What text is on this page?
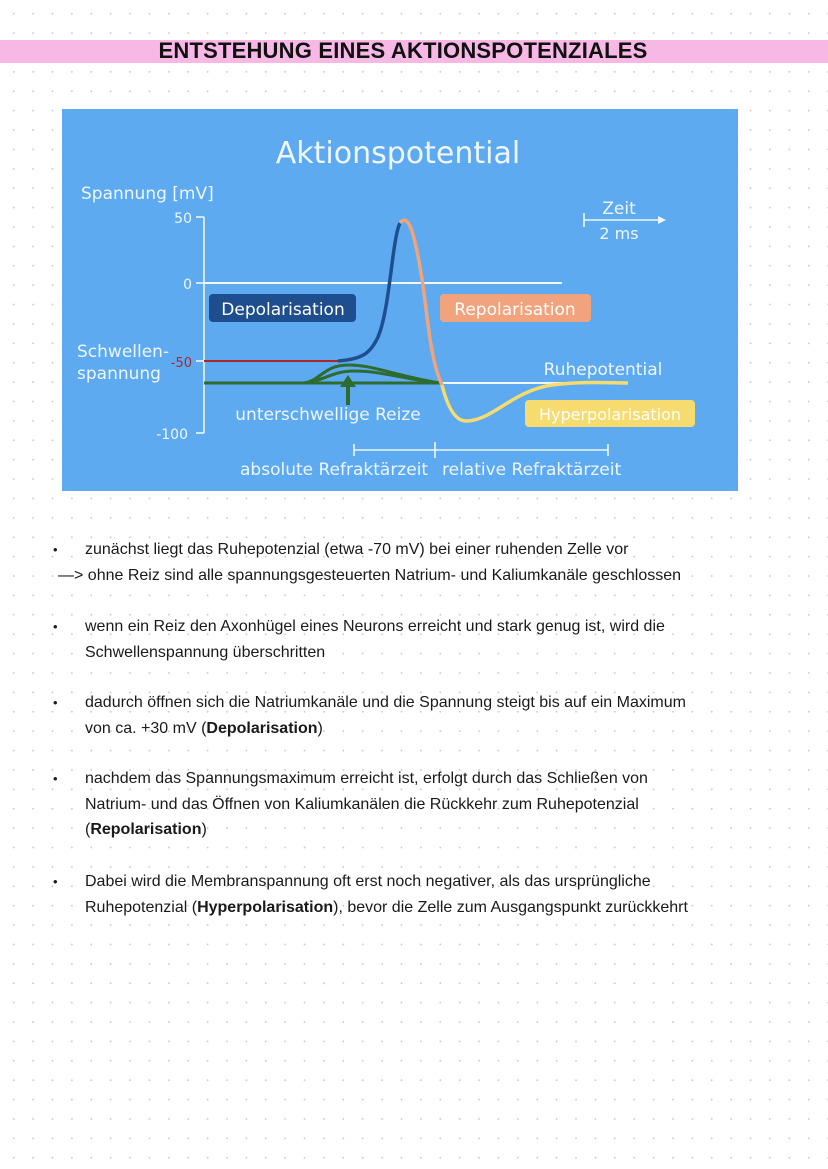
ENTSTEHUNG EINES AKTIONSPOTENZIALES
Aktionspotential
Spannung [mV]
50
0
-50
-100
Schwellen-
spannung
Depolarisation	Repolarisation
Hyperpolarisation
Ruhepotential
unterschwellige Reize
Zeit
2 ms
absolute Refraktärzeit relative Refraktärzeit
• zunächst liegt das Ruhepotenzial (etwa -70 mV) bei einer ruhenden Zelle vor
—> ohne Reiz sind alle spannungsgesteuerten Natrium- und Kaliumkanäle geschlossen
• wenn ein Reiz den Axonhügel eines Neurons erreicht und stark genug ist, wird die
Schwellenspannung überschritten
• dadurch öffnen sich die Natriumkanäle und die Spannung steigt bis auf ein Maximum
von ca. +30 mV (Depolarisation)
• nachdem das Spannungsmaximum erreicht ist, erfolgt durch das Schließen von
Natrium- und das Öffnen von Kaliumkanälen die Rückkehr zum Ruhepotenzial
(Repolarisation)
• Dabei wird die Membranspannung oft erst noch negativer, als das ursprüngliche
Ruhepotenzial (Hyperpolarisation), bevor die Zelle zum Ausgangspunkt zurückkehrt
